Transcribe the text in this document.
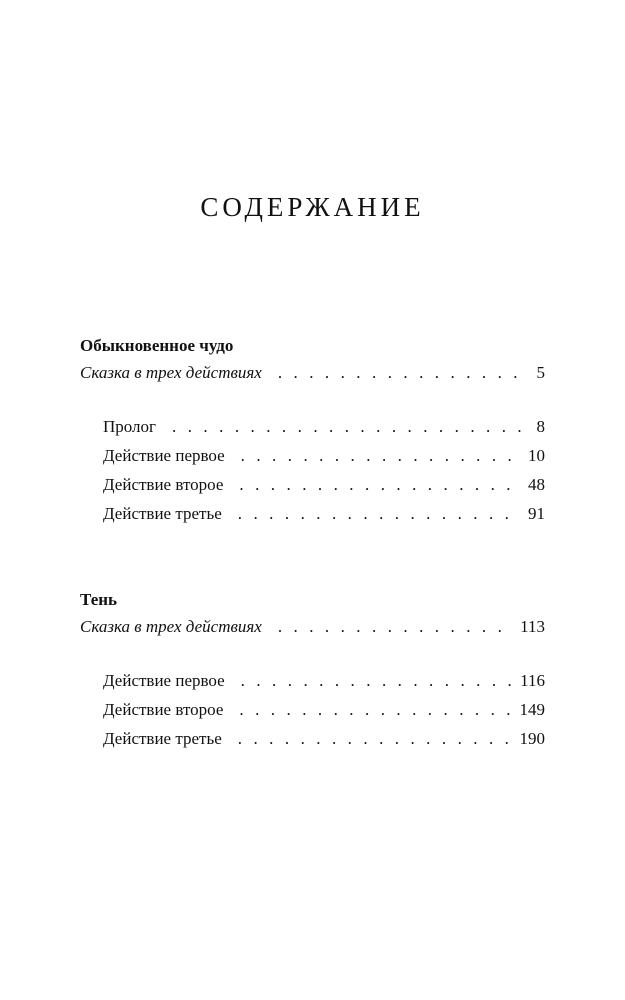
СОДЕРЖАНИЕ
Обыкновенное чудо
Сказка в трех действиях . . .	5
Пролог . . .	8
Действие первое . . .	10
Действие второе . . .	48
Действие третье . . .	91
Тень
Сказка в трех действиях . . .	113
Действие первое . . .	116
Действие второе . . .	149
Действие третье . . .	190
